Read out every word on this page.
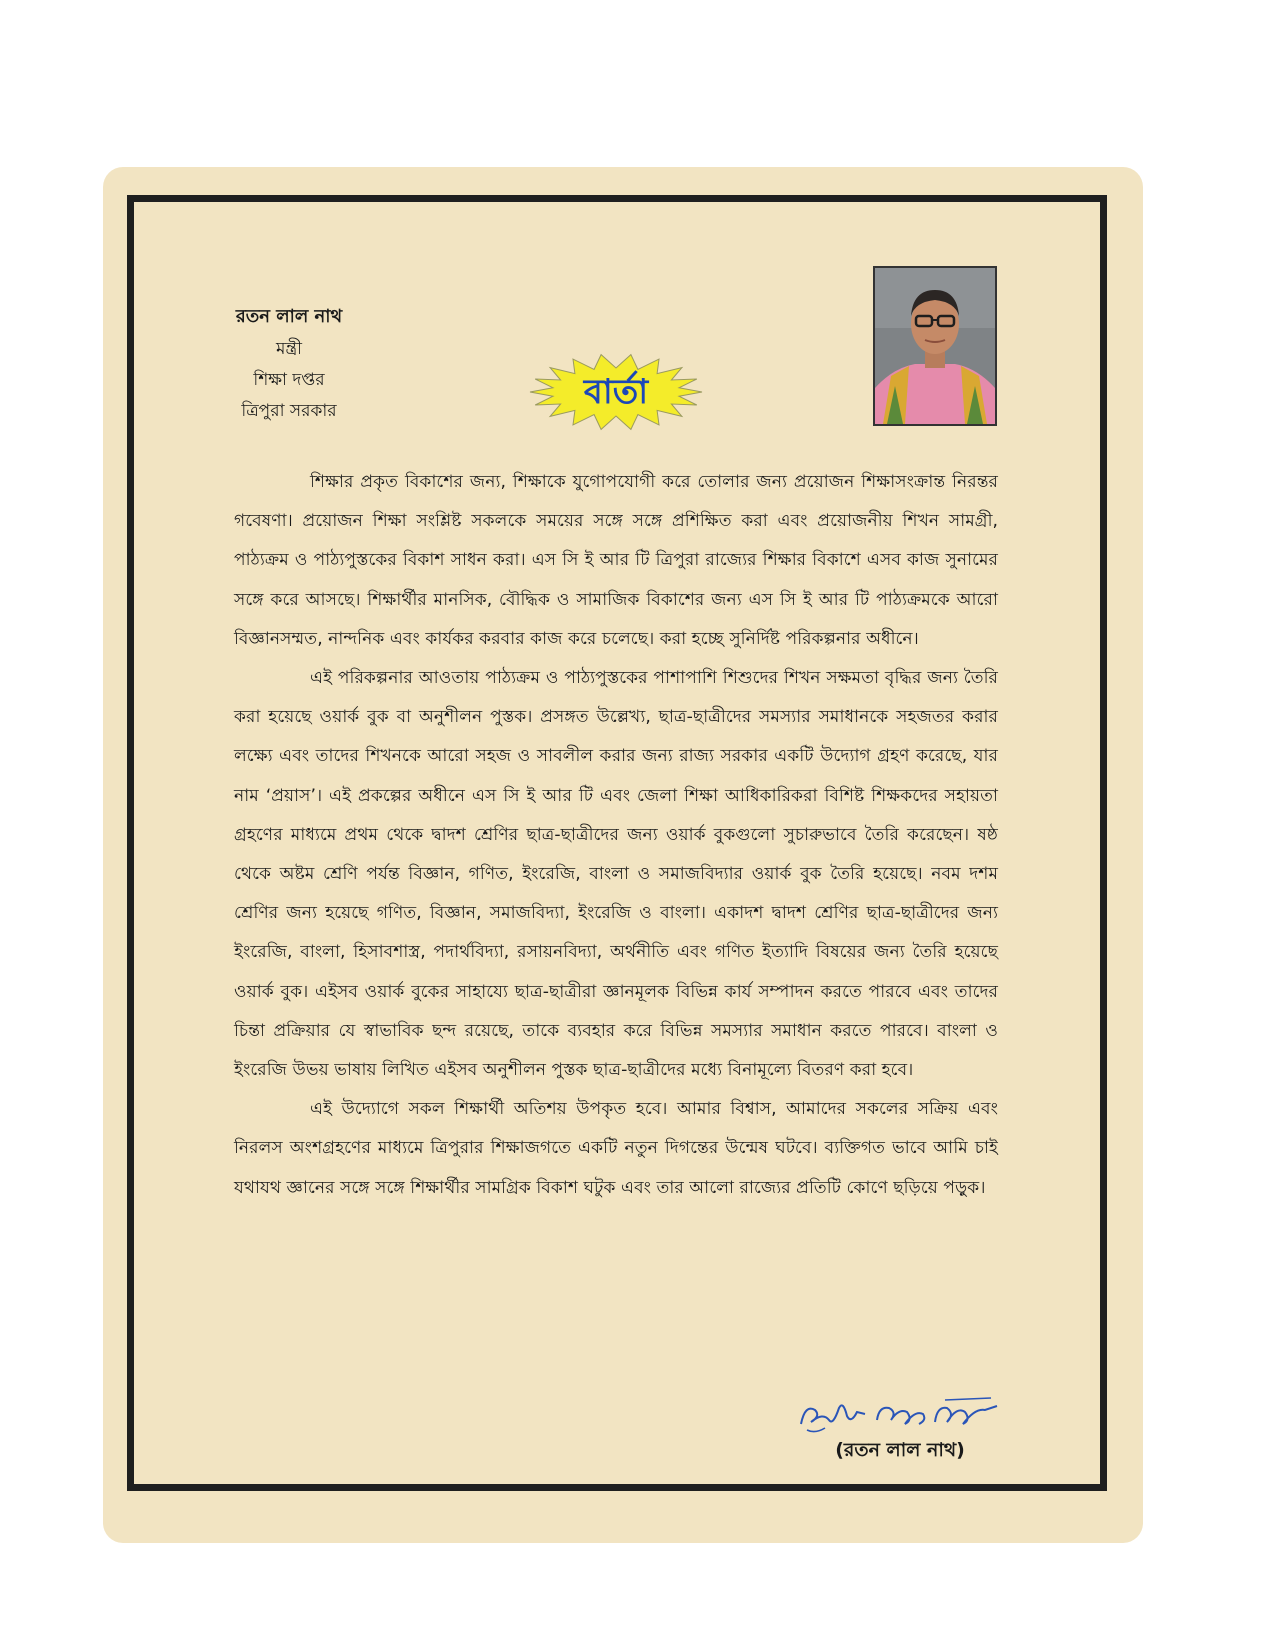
রতন লাল নাথ
মন্ত্রী
শিক্ষা দপ্তর
ত্রিপুরা সরকার	বার্তা

শিক্ষার প্রকৃত বিকাশের জন্য, শিক্ষাকে যুগোপযোগী করে তোলার জন্য প্রয়োজন শিক্ষাসংক্রান্ত নিরন্তর গবেষণা। প্রয়োজন শিক্ষা সংশ্লিষ্ট সকলকে সময়ের সঙ্গে সঙ্গে প্রশিক্ষিত করা এবং প্রয়োজনীয় শিখন সামগ্রী, পাঠ্যক্রম ও পাঠ্যপুস্তকের বিকাশ সাধন করা। এস সি ই আর টি ত্রিপুরা রাজ্যের শিক্ষার বিকাশে এসব কাজ সুনামের সঙ্গে করে আসছে। শিক্ষার্থীর মানসিক, বৌদ্ধিক ও সামাজিক বিকাশের জন্য এস সি ই আর টি পাঠ্যক্রমকে আরো বিজ্ঞানসম্মত, নান্দনিক এবং কার্যকর করবার কাজ করে চলেছে। করা হচ্ছে সুনির্দিষ্ট পরিকল্পনার অধীনে।

এই পরিকল্পনার আওতায় পাঠ্যক্রম ও পাঠ্যপুস্তকের পাশাপাশি শিশুদের শিখন সক্ষমতা বৃদ্ধির জন্য তৈরি করা হয়েছে ওয়ার্ক বুক বা অনুশীলন পুস্তক। প্রসঙ্গত উল্লেখ্য, ছাত্র-ছাত্রীদের সমস্যার সমাধানকে সহজতর করার লক্ষ্যে এবং তাদের শিখনকে আরো সহজ ও সাবলীল করার জন্য রাজ্য সরকার একটি উদ্যোগ গ্রহণ করেছে, যার নাম ‘প্রয়াস’। এই প্রকল্পের অধীনে এস সি ই আর টি এবং জেলা শিক্ষা আধিকারিকরা বিশিষ্ট শিক্ষকদের সহায়তা গ্রহণের মাধ্যমে প্রথম থেকে দ্বাদশ শ্রেণির ছাত্র-ছাত্রীদের জন্য ওয়ার্ক বুকগুলো সুচারুভাবে তৈরি করেছেন। ষষ্ঠ থেকে অষ্টম শ্রেণি পর্যন্ত বিজ্ঞান, গণিত, ইংরেজি, বাংলা ও সমাজবিদ্যার ওয়ার্ক বুক তৈরি হয়েছে। নবম দশম শ্রেণির জন্য হয়েছে গণিত, বিজ্ঞান, সমাজবিদ্যা, ইংরেজি ও বাংলা। একাদশ দ্বাদশ শ্রেণির ছাত্র-ছাত্রীদের জন্য ইংরেজি, বাংলা, হিসাবশাস্ত্র, পদার্থবিদ্যা, রসায়নবিদ্যা, অর্থনীতি এবং গণিত ইত্যাদি বিষয়ের জন্য তৈরি হয়েছে ওয়ার্ক বুক। এইসব ওয়ার্ক বুকের সাহায্যে ছাত্র-ছাত্রীরা জ্ঞানমূলক বিভিন্ন কার্য সম্পাদন করতে পারবে এবং তাদের চিন্তা প্রক্রিয়ার যে স্বাভাবিক ছন্দ রয়েছে, তাকে ব্যবহার করে বিভিন্ন সমস্যার সমাধান করতে পারবে। বাংলা ও ইংরেজি উভয় ভাষায় লিখিত এইসব অনুশীলন পুস্তক ছাত্র-ছাত্রীদের মধ্যে বিনামূল্যে বিতরণ করা হবে।

এই উদ্যোগে সকল শিক্ষার্থী অতিশয় উপকৃত হবে। আমার বিশ্বাস, আমাদের সকলের সক্রিয় এবং নিরলস অংশগ্রহণের মাধ্যমে ত্রিপুরার শিক্ষাজগতে একটি নতুন দিগন্তের উন্মেষ ঘটবে। ব্যক্তিগত ভাবে আমি চাই যথাযথ জ্ঞানের সঙ্গে সঙ্গে শিক্ষার্থীর সামগ্রিক বিকাশ ঘটুক এবং তার আলো রাজ্যের প্রতিটি কোণে ছড়িয়ে পড়ুক।

(রতন লাল নাথ)
